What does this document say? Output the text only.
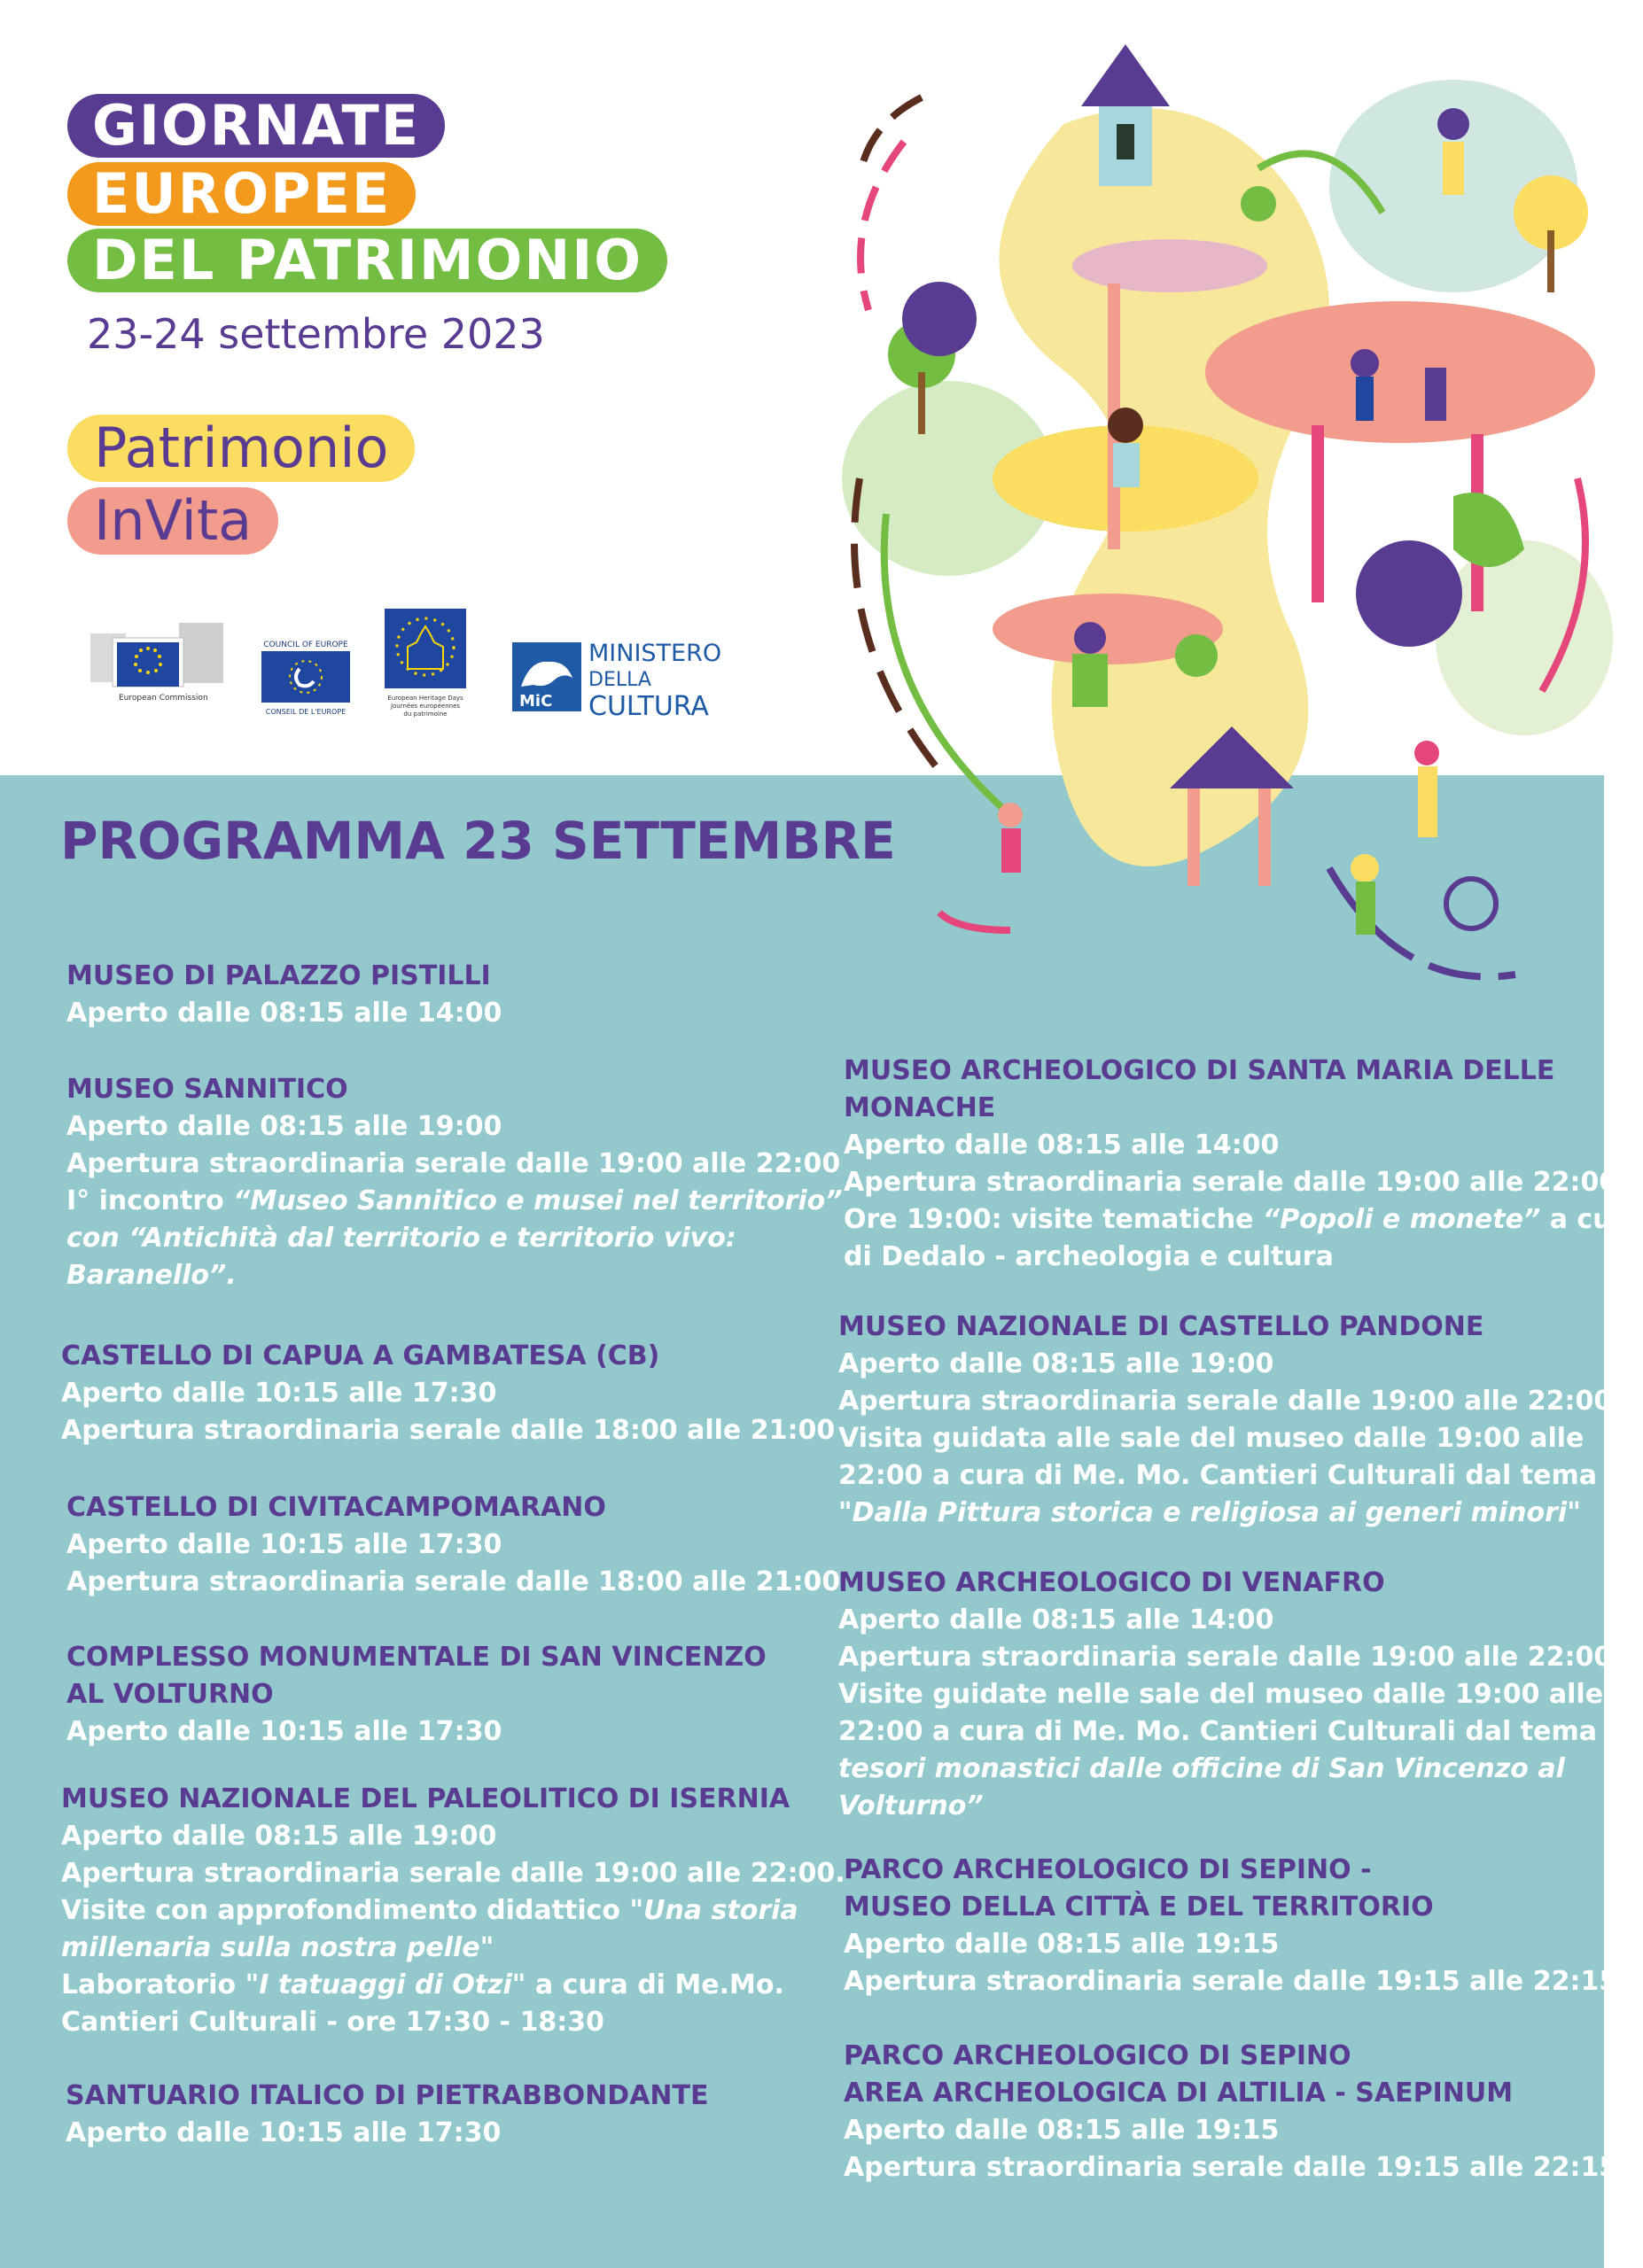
GIORNATE
EUROPEE
DEL PATRIMONIO
23-24 settembre 2023
Patrimonio
InVita
European Commission
COUNCIL OF EUROPE
CONSEIL DE L'EUROPE
European Heritage Days
Journées européennes
du patrimoine
MiC
MINISTERO
DELLA
CULTURA
PROGRAMMA 23 SETTEMBRE
MUSEO DI PALAZZO PISTILLI
Aperto dalle 08:15 alle 14:00
MUSEO SANNITICO
Aperto dalle 08:15 alle 19:00
Apertura straordinaria serale dalle 19:00 alle 22:00
I° incontro “Museo Sannitico e musei nel territorio”
con “Antichità dal territorio e territorio vivo:
Baranello”.
CASTELLO DI CAPUA A GAMBATESA (CB)
Aperto dalle 10:15 alle 17:30
Apertura straordinaria serale dalle 18:00 alle 21:00
CASTELLO DI CIVITACAMPOMARANO
Aperto dalle 10:15 alle 17:30
Apertura straordinaria serale dalle 18:00 alle 21:00
COMPLESSO MONUMENTALE DI SAN VINCENZO
AL VOLTURNO
Aperto dalle 10:15 alle 17:30
MUSEO NAZIONALE DEL PALEOLITICO DI ISERNIA
Aperto dalle 08:15 alle 19:00
Apertura straordinaria serale dalle 19:00 alle 22:00.
Visite con approfondimento didattico "Una storia
millenaria sulla nostra pelle"
Laboratorio "I tatuaggi di Otzi" a cura di Me.Mo.
Cantieri Culturali - ore 17:30 - 18:30
SANTUARIO ITALICO DI PIETRABBONDANTE
Aperto dalle 10:15 alle 17:30
MUSEO ARCHEOLOGICO DI SANTA MARIA DELLE
MONACHE
Aperto dalle 08:15 alle 14:00
Apertura straordinaria serale dalle 19:00 alle 22:00
Ore 19:00: visite tematiche “Popoli e monete” a cura
di Dedalo - archeologia e cultura
MUSEO NAZIONALE DI CASTELLO PANDONE
Aperto dalle 08:15 alle 19:00
Apertura straordinaria serale dalle 19:00 alle 22:00
Visita guidata alle sale del museo dalle 19:00 alle
22:00 a cura di Me. Mo. Cantieri Culturali dal tema
"Dalla Pittura storica e religiosa ai generi minori"
MUSEO ARCHEOLOGICO DI VENAFRO
Aperto dalle 08:15 alle 14:00
Apertura straordinaria serale dalle 19:00 alle 22:00
Visite guidate nelle sale del museo dalle 19:00 alle
22:00 a cura di Me. Mo. Cantieri Culturali dal tema "I
tesori monastici dalle officine di San Vincenzo al
Volturno”
PARCO ARCHEOLOGICO DI SEPINO -
MUSEO DELLA CITTÀ E DEL TERRITORIO
Aperto dalle 08:15 alle 19:15
Apertura straordinaria serale dalle 19:15 alle 22:15
PARCO ARCHEOLOGICO DI SEPINO
AREA ARCHEOLOGICA DI ALTILIA - SAEPINUM
Aperto dalle 08:15 alle 19:15
Apertura straordinaria serale dalle 19:15 alle 22:15
